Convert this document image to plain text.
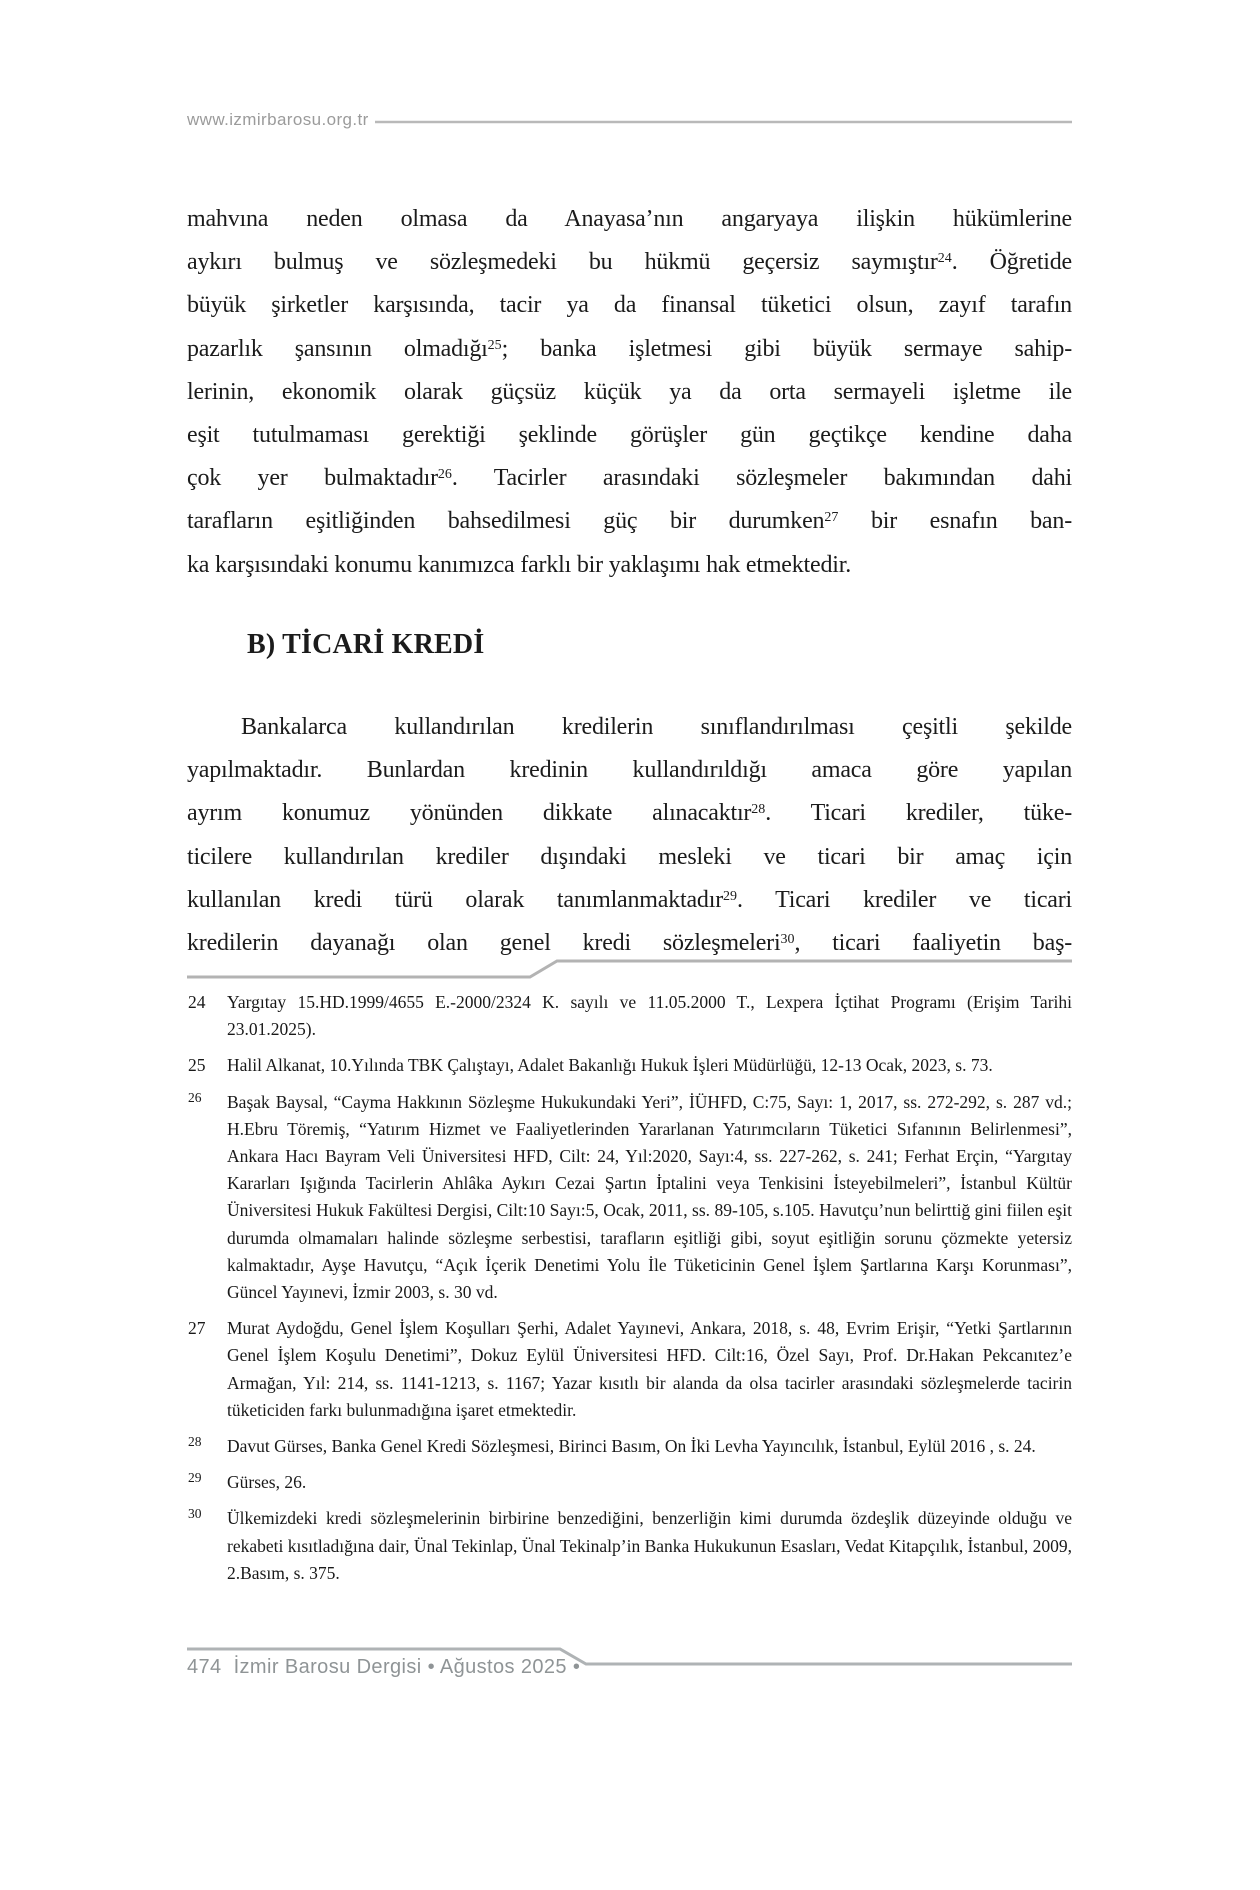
www.izmirbarosu.org.tr
mahvına neden olmasa da Anayasa’nın angaryaya ilişkin hükümlerine
aykırı bulmuş ve sözleşmedeki bu hükmü geçersiz saymıştır$^{24}$. Öğretide
büyük şirketler karşısında, tacir ya da finansal tüketici olsun, zayıf tarafın
pazarlık şansının olmadığı$^{25}$; banka işletmesi gibi büyük sermaye sahip-
lerinin, ekonomik olarak güçsüz küçük ya da orta sermayeli işletme ile
eşit tutulmaması gerektiği şeklinde görüşler gün geçtikçe kendine daha
çok yer bulmaktadır$^{26}$. Tacirler arasındaki sözleşmeler bakımından dahi
tarafların eşitliğinden bahsedilmesi güç bir durumken$^{27}$ bir esnafın ban-
ka karşısındaki konumu kanımızca farklı bir yaklaşımı hak etmektedir.
B) TİCARİ KREDİ
Bankalarca kullandırılan kredilerin sınıflandırılması çeşitli şekilde
yapılmaktadır. Bunlardan kredinin kullandırıldığı amaca göre yapılan
ayrım konumuz yönünden dikkate alınacaktır$^{28}$. Ticari krediler, tüke-
ticilere kullandırılan krediler dışındaki mesleki ve ticari bir amaç için
kullanılan kredi türü olarak tanımlanmaktadır$^{29}$. Ticari krediler ve ticari
kredilerin dayanağı olan genel kredi sözleşmeleri$^{30}$, ticari faaliyetin baş-
24 Yargıtay 15.HD.1999/4655 E.-2000/2324 K. sayılı ve 11.05.2000 T., Lexpera İçtihat Programı (Erişim Tarihi 23.01.2025).
25 Halil Alkanat, 10.Yılında TBK Çalıştayı, Adalet Bakanlığı Hukuk İşleri Müdürlüğü, 12-13 Ocak, 2023, s. 73.
26 Başak Baysal, “Cayma Hakkının Sözleşme Hukukundaki Yeri”, İÜHFD, C:75, Sayı: 1, 2017, ss. 272-292, s. 287 vd.; H.Ebru Töremiş, “Yatırım Hizmet ve Faaliyetlerinden Yararlanan Yatırımcıların Tüketici Sıfanının Belirlenmesi”, Ankara Hacı Bayram Veli Üniversitesi HFD, Cilt: 24, Yıl:2020, Sayı:4, ss. 227-262, s. 241; Ferhat Erçin, “Yargıtay Kararları Işığında Tacirlerin Ahlâka Aykırı Cezai Şartın İptalini veya Tenkisini İsteyebilmeleri”, İstanbul Kültür Üniversitesi Hukuk Fakültesi Dergisi, Cilt:10 Sayı:5, Ocak, 2011, ss. 89-105, s.105. Havutçu’nun belirttiğ gini fiilen eşit durumda olmamaları halinde sözleşme serbestisi, tarafların eşitliği gibi, soyut eşitliğin sorunu çözmekte yetersiz kalmaktadır, Ayşe Havutçu, “Açık İçerik Denetimi Yolu İle Tüketicinin Genel İşlem Şartlarına Karşı Korunması”, Güncel Yayınevi, İzmir 2003, s. 30 vd.
27 Murat Aydoğdu, Genel İşlem Koşulları Şerhi, Adalet Yayınevi, Ankara, 2018, s. 48, Evrim Erişir, “Yetki Şartlarının Genel İşlem Koşulu Denetimi”, Dokuz Eylül Üniversitesi HFD. Cilt:16, Özel Sayı, Prof. Dr.Hakan Pekcanıtez’e Armağan, Yıl: 214, ss. 1141-1213, s. 1167; Yazar kısıtlı bir alanda da olsa tacirler arasındaki sözleşmelerde tacirin tüketiciden farkı bulunmadığına işaret etmektedir.
28 Davut Gürses, Banka Genel Kredi Sözleşmesi, Birinci Basım, On İki Levha Yayıncılık, İstanbul, Eylül 2016 , s. 24.
29 Gürses, 26.
30 Ülkemizdeki kredi sözleşmelerinin birbirine benzediğini, benzerliğin kimi durumda özdeşlik düzeyinde olduğu ve rekabeti kısıtladığına dair, Ünal Tekinlap, Ünal Tekinalp’in Banka Hukukunun Esasları, Vedat Kitapçılık, İstanbul, 2009, 2.Basım, s. 375.
474 İzmir Barosu Dergisi • Ağustos 2025 •
